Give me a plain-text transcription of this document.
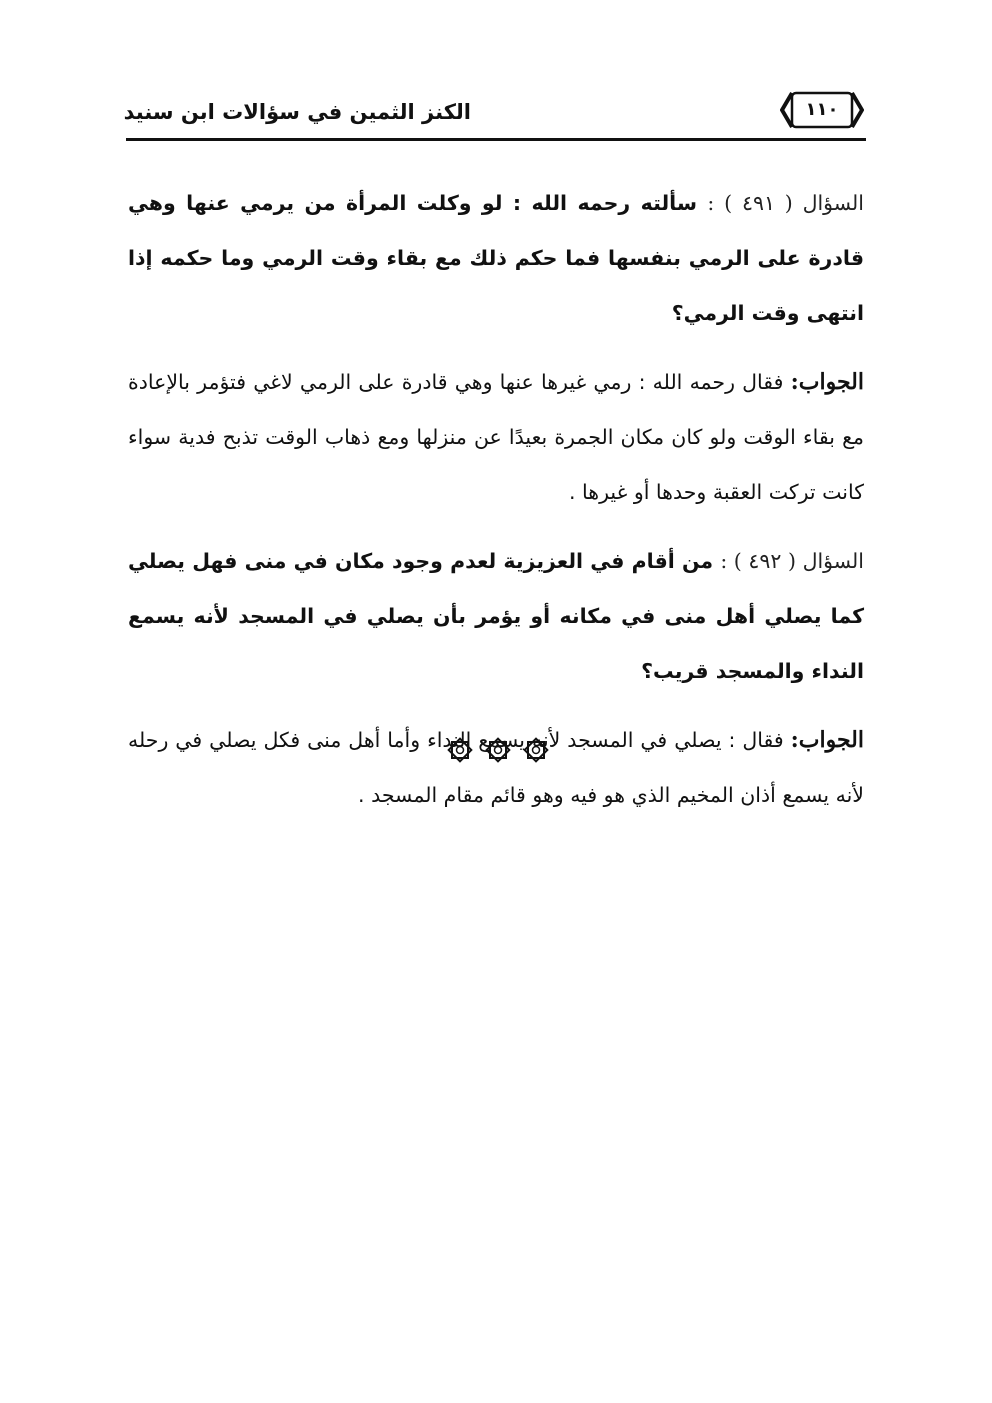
الكنز الثمين في سؤالات ابن سنيد	١١٠

السؤال ( ٤٩١ ) : سألته رحمه الله : لو وكلت المرأة من يرمي عنها وهي قادرة على الرمي بنفسها فما حكم ذلك مع بقاء وقت الرمي وما حكمه إذا انتهى وقت الرمي؟

الجواب: فقال رحمه الله : رمي غيرها عنها وهي قادرة على الرمي لاغي فتؤمر بالإعادة مع بقاء الوقت ولو كان مكان الجمرة بعيدًا عن منزلها ومع ذهاب الوقت تذبح فدية سواء كانت تركت العقبة وحدها أو غيرها .

السؤال ( ٤٩٢ ) : من أقام في العزيزية لعدم وجود مكان في منى فهل يصلي كما يصلي أهل منى في مكانه أو يؤمر بأن يصلي في المسجد لأنه يسمع النداء والمسجد قريب؟

الجواب: فقال : يصلي في المسجد لأنه يسمع النداء وأما أهل منى فكل يصلي في رحله لأنه يسمع أذان المخيم الذي هو فيه وهو قائم مقام المسجد .
